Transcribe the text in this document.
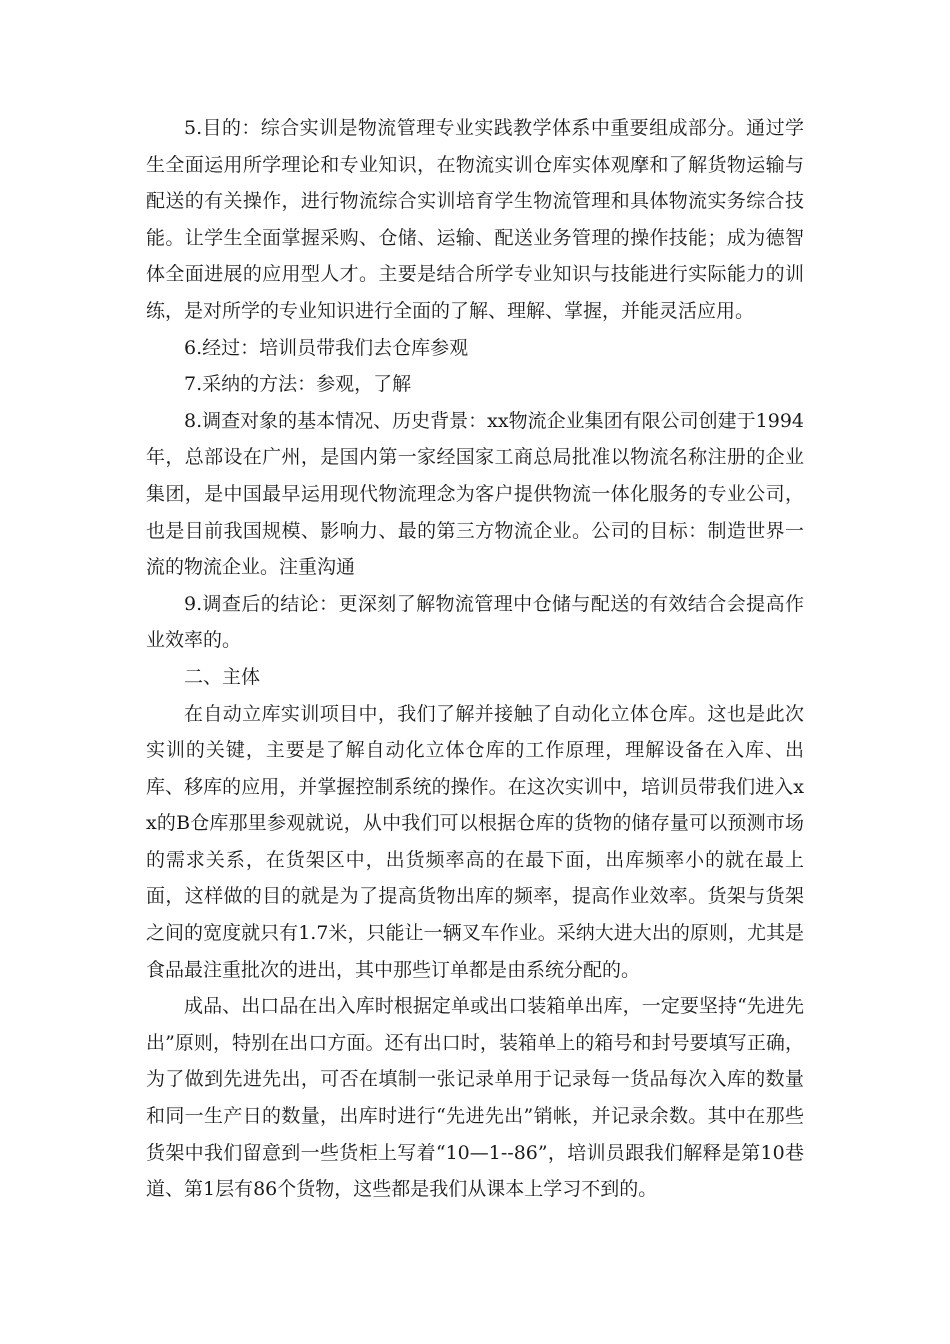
5.目的：综合实训是物流管理专业实践教学体系中重要组成部分。通过学生全面运用所学理论和专业知识，在物流实训仓库实体观摩和了解货物运输与配送的有关操作，进行物流综合实训培育学生物流管理和具体物流实务综合技能。让学生全面掌握采购、仓储、运输、配送业务管理的操作技能；成为德智体全面进展的应用型人才。主要是结合所学专业知识与技能进行实际能力的训练，是对所学的专业知识进行全面的了解、理解、掌握，并能灵活应用。

6.经过：培训员带我们去仓库参观

7.采纳的方法：参观，了解

8.调查对象的基本情况、历史背景：xx物流企业集团有限公司创建于1994年，总部设在广州，是国内第一家经国家工商总局批准以物流名称注册的企业集团，是中国最早运用现代物流理念为客户提供物流一体化服务的专业公司，也是目前我国规模、影响力、最的第三方物流企业。公司的目标：制造世界一流的物流企业。注重沟通

9.调查后的结论：更深刻了解物流管理中仓储与配送的有效结合会提高作业效率的。

二、主体

在自动立库实训项目中，我们了解并接触了自动化立体仓库。这也是此次实训的关键，主要是了解自动化立体仓库的工作原理，理解设备在入库、出库、移库的应用，并掌握控制系统的操作。在这次实训中，培训员带我们进入xx的B仓库那里参观就说，从中我们可以根据仓库的货物的储存量可以预测市场的需求关系，在货架区中，出货频率高的在最下面，出库频率小的就在最上面，这样做的目的就是为了提高货物出库的频率，提高作业效率。货架与货架之间的宽度就只有1.7米，只能让一辆叉车作业。采纳大进大出的原则，尤其是食品最注重批次的进出，其中那些订单都是由系统分配的。

成品、出口品在出入库时根据定单或出口装箱单出库，一定要坚持“先进先出”原则，特别在出口方面。还有出口时，装箱单上的箱号和封号要填写正确，为了做到先进先出，可否在填制一张记录单用于记录每一货品每次入库的数量和同一生产日的数量，出库时进行“先进先出”销帐，并记录余数。其中在那些货架中我们留意到一些货柜上写着“10—1--86”，培训员跟我们解释是第10巷道、第1层有86个货物，这些都是我们从课本上学习不到的。
